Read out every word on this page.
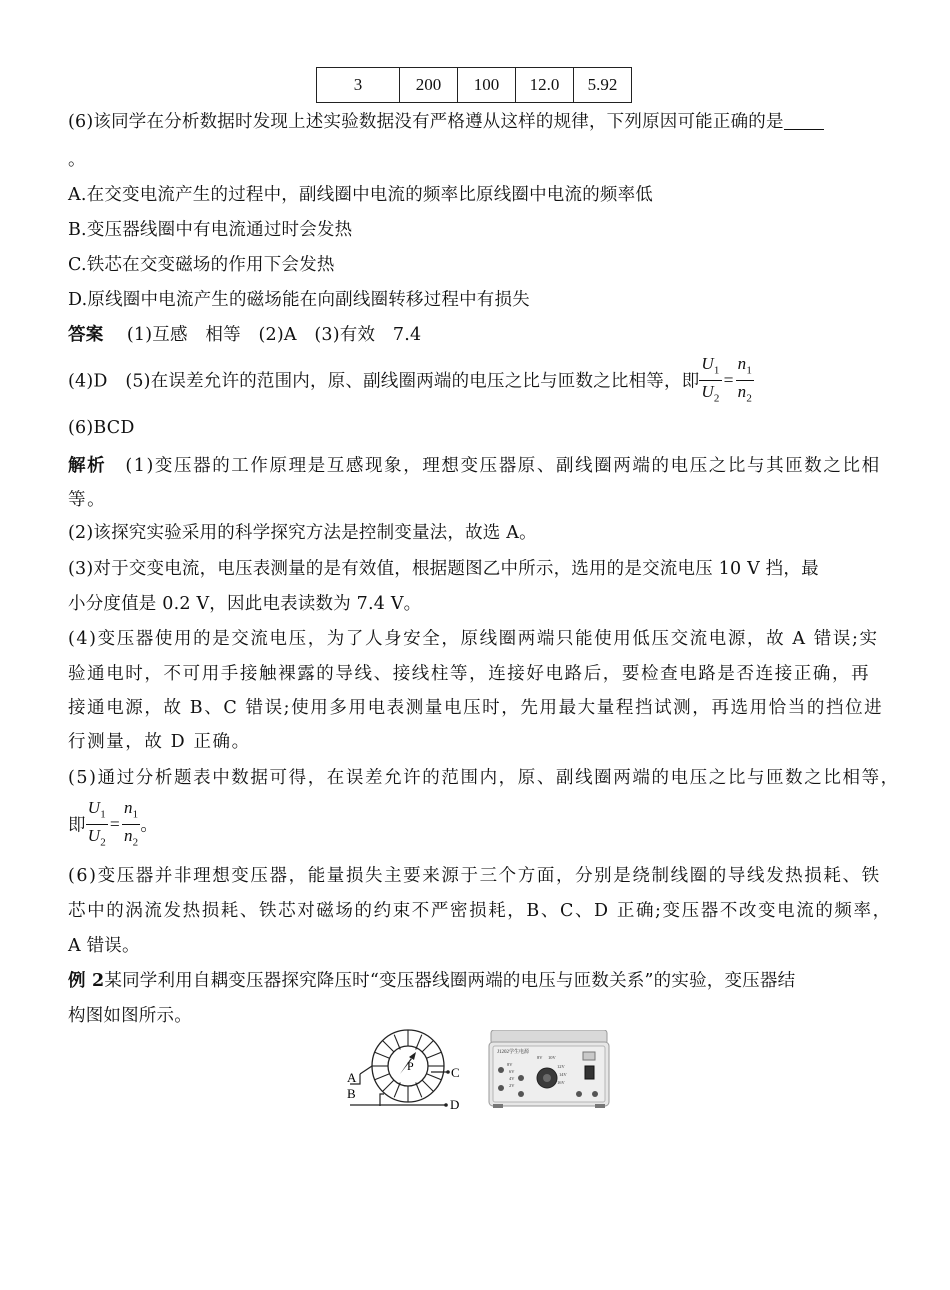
3	200	100	12.0	5.92
(6)该同学在分析数据时发现上述实验数据没有严格遵从这样的规律，下列原因可能正确的是
。
A.在交变电流产生的过程中，副线圈中电流的频率比原线圈中电流的频率低
B.变压器线圈中有电流通过时会发热
C.铁芯在交变磁场的作用下会发热
D.原线圈中电流产生的磁场能在向副线圈转移过程中有损失
答案　 (1)互感　相等　(2)A　(3)有效　7.4
(4)D　(5)在误差允许的范围内，原、副线圈两端的电压之比与匝数之比相等，即 $\frac{U_1}{U_2} = \frac{n_1}{n_2}$
(6)BCD
解析　 (1)变压器的工作原理是互感现象，理想变压器原、副线圈两端的电压之比与其匝数之比相
等。
(2)该探究实验采用的科学探究方法是控制变量法，故选 A。
(3)对于交变电流，电压表测量的是有效值，根据题图乙中所示，选用的是交流电压 10 V 挡，最
小分度值是 0.2 V，因此电表读数为 7.4 V。
(4)变压器使用的是交流电压，为了人身安全，原线圈两端只能使用低压交流电源，故 A 错误;实
验通电时，不可用手接触裸露的导线、接线柱等，连接好电路后，要检查电路是否连接正确，再
接通电源，故 B、C 错误;使用多用电表测量电压时，先用最大量程挡试测，再选用恰当的挡位进
行测量，故 D 正确。
(5)通过分析题表中数据可得，在误差允许的范围内，原、副线圈两端的电压之比与匝数之比相等，
即 $\frac{U_1}{U_2} = \frac{n_1}{n_2}$ 。
(6)变压器并非理想变压器，能量损失主要来源于三个方面，分别是绕制线圈的导线发热损耗、铁
芯中的涡流发热损耗、铁芯对磁场的约束不严密损耗，B、C、D 正确;变压器不改变电流的频率，
A 错误。
例 2某同学利用自耦变压器探究降压时“变压器线圈两端的电压与匝数关系”的实验，变压器结
构图如图所示。
P
A
B
C
D
J1202学生电源
8V
6V
4V
2V
8V 10V
12V
14V
16V
